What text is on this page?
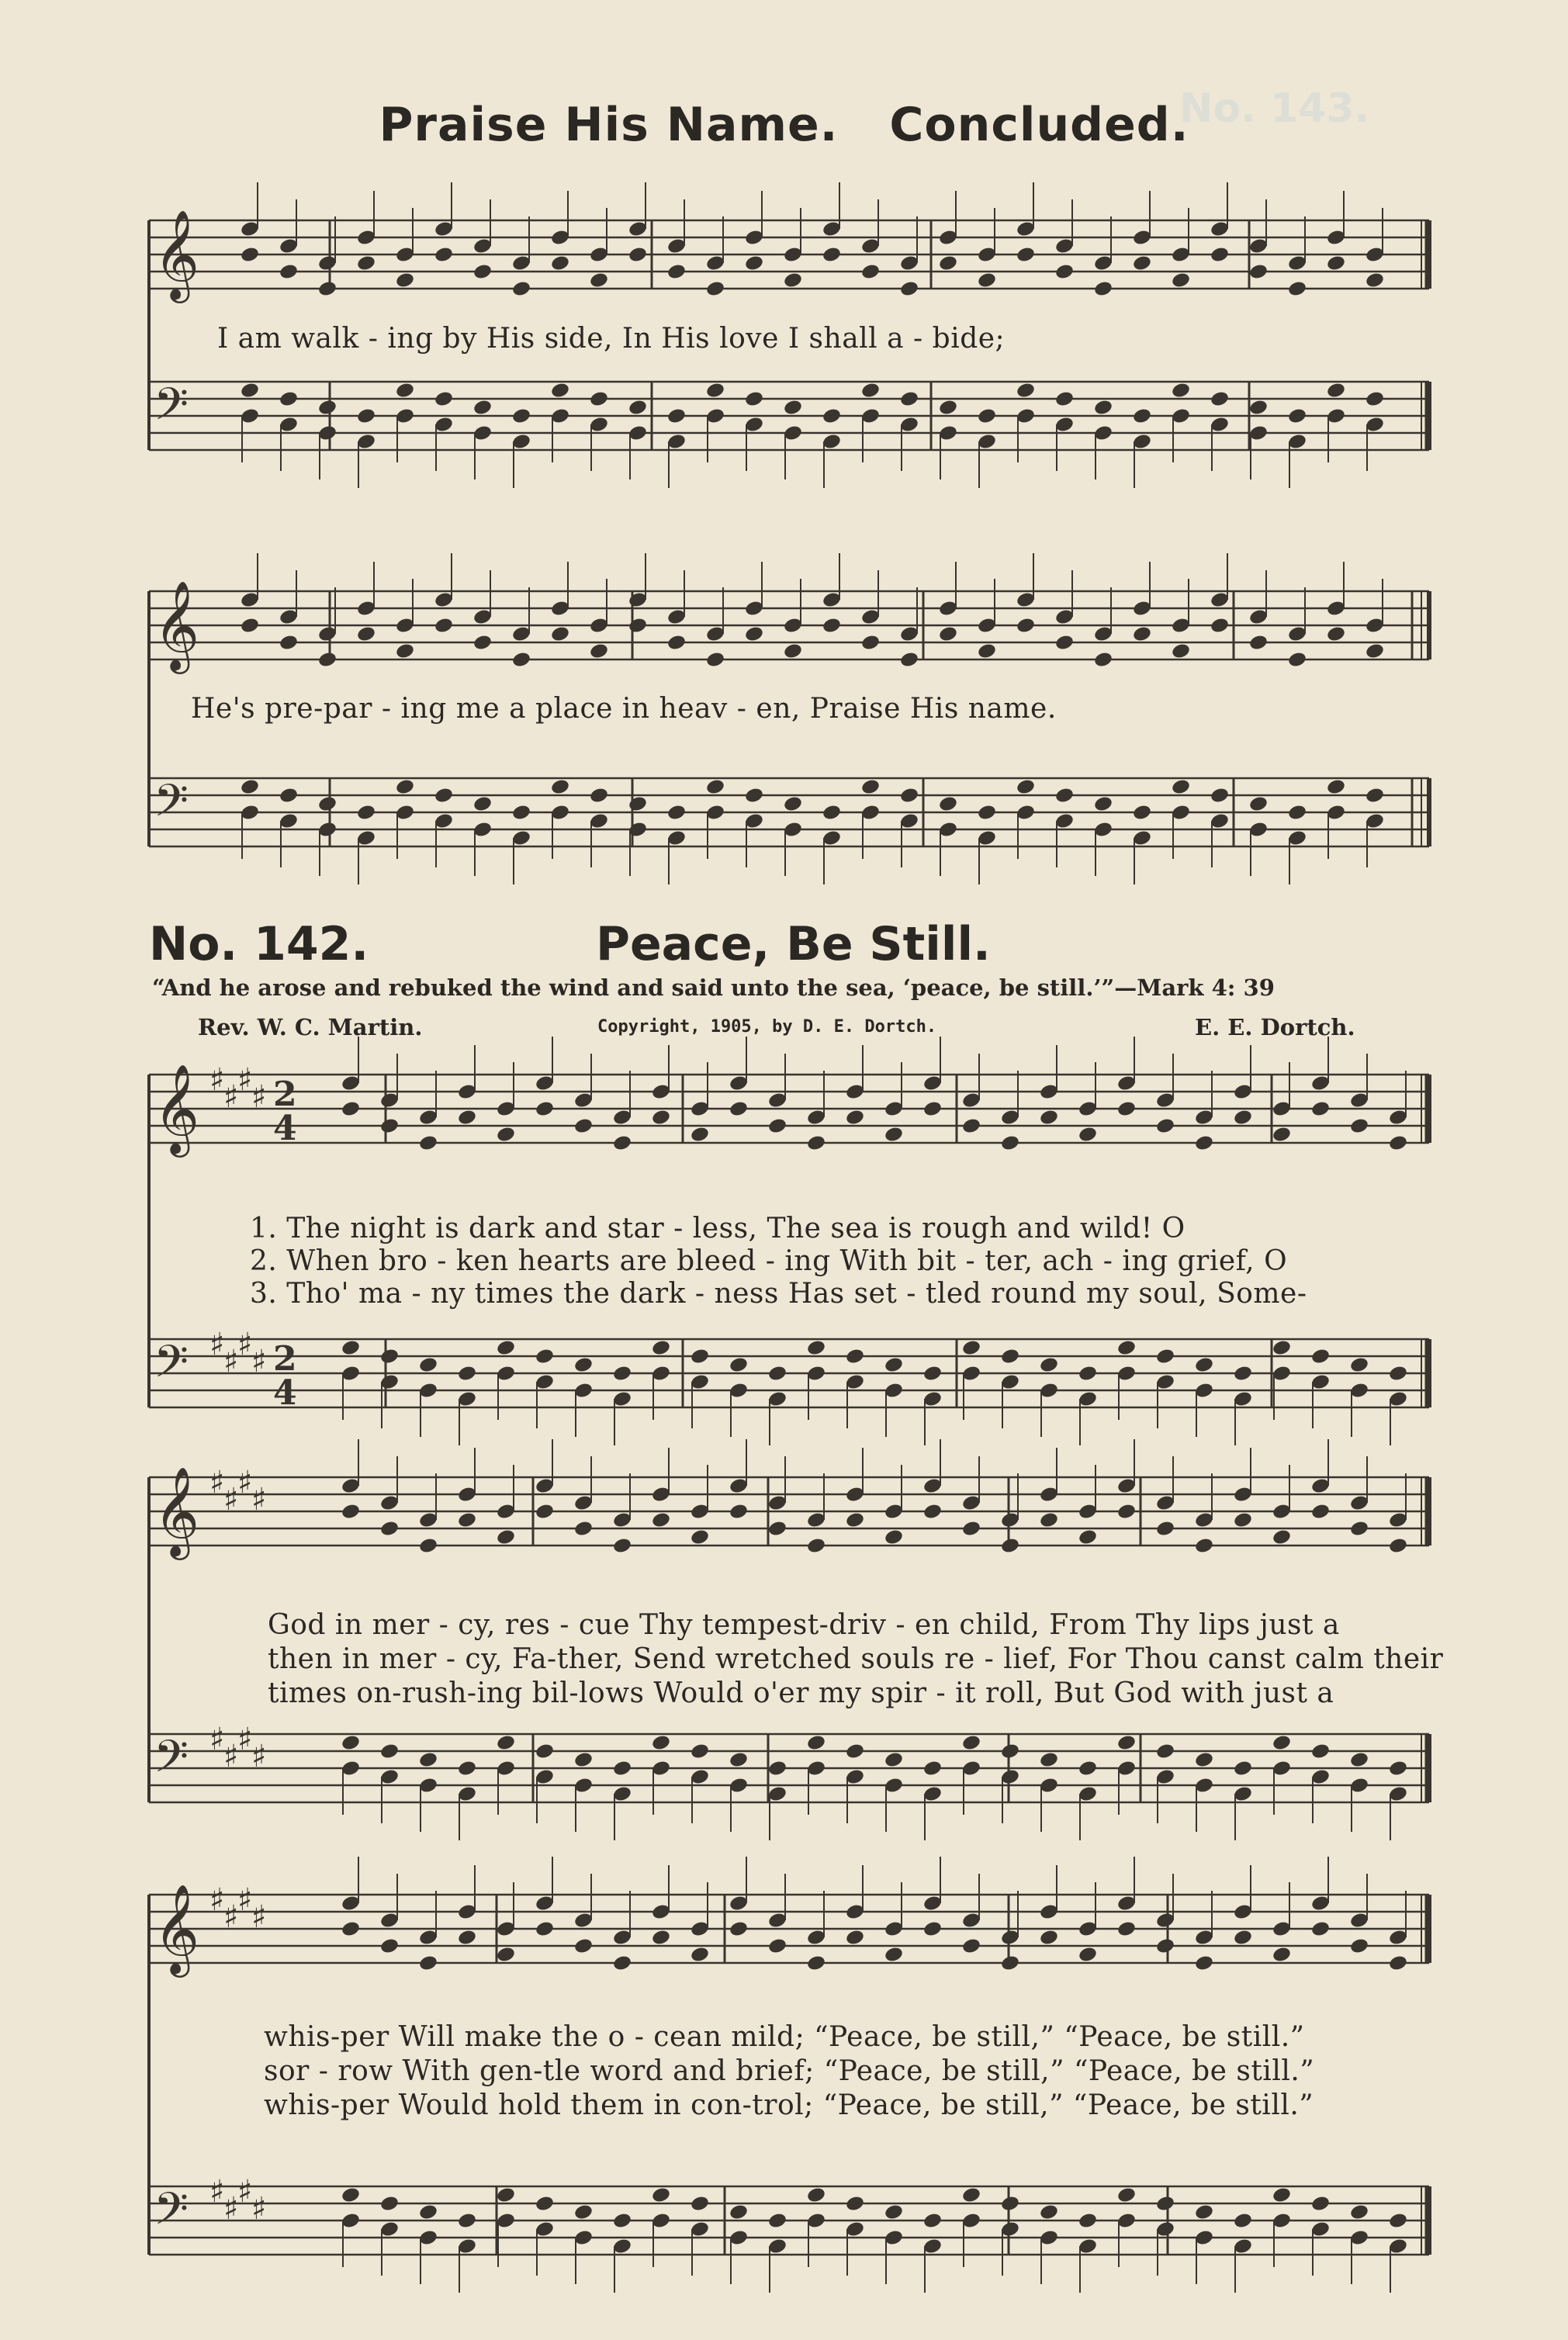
No. 143.
Praise His Name. Concluded.
𝄞
𝄢
𝄞
𝄢
𝄞 ♯
♯
♯
♯
𝄢 ♯
♯
♯
♯
2
4
2
4
𝄞 ♯
♯
♯
♯
𝄢 ♯
♯
♯
♯
𝄞 ♯
♯
♯
♯
𝄢 ♯
♯
♯
♯
I am walk - ing by His side, In His love I shall a - bide;
He's pre-par - ing me a place in heav - en, Praise His name.
No. 142.	Peace, Be Still.
“And he arose and rebuked the wind and said unto the sea, ‘peace, be still.’”—Mark 4: 39
Rev. W. C. Martin.	Copyright, 1905, by D. E. Dortch.	E. E. Dortch.
1. The night is dark and star - less, The sea is rough and wild! O
2. When bro - ken hearts are bleed - ing With bit - ter, ach - ing grief, O
3. Tho' ma - ny times the dark - ness Has set - tled round my soul, Some-
God in mer - cy, res - cue Thy tempest-driv - en child, From Thy lips just a
then in mer - cy, Fa-ther, Send wretched souls re - lief, For Thou canst calm their
times on-rush-ing bil-lows Would o'er my spir - it roll, But God with just a
whis-per Will make the o - cean mild; “Peace, be still,” “Peace, be still.”
sor - row With gen-tle word and brief; “Peace, be still,” “Peace, be still.”
whis-per Would hold them in con-trol; “Peace, be still,” “Peace, be still.”
